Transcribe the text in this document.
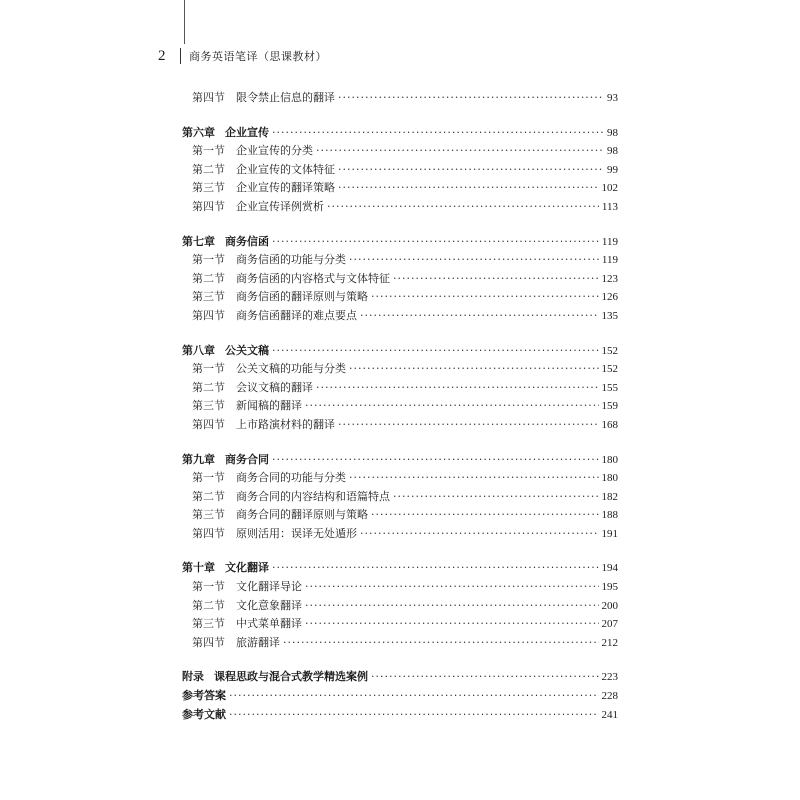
2	商务英语笔译（思课教材）
第四节 限令禁止信息的翻译 ·····	93
第六章 企业宣传 ·····	98
第一节 企业宣传的分类 ·····	98
第二节 企业宣传的文体特征 ·····	99
第三节 企业宣传的翻译策略 ·····	102
第四节 企业宣传译例赏析 ·····	113
第七章 商务信函 ·····	119
第一节 商务信函的功能与分类 ·····	119
第二节 商务信函的内容格式与文体特征 ·····	123
第三节 商务信函的翻译原则与策略 ·····	126
第四节 商务信函翻译的难点要点 ·····	135
第八章 公关文稿 ·····	152
第一节 公关文稿的功能与分类 ·····	152
第二节 会议文稿的翻译 ·····	155
第三节 新闻稿的翻译 ·····	159
第四节 上市路演材料的翻译 ·····	168
第九章 商务合同 ·····	180
第一节 商务合同的功能与分类 ·····	180
第二节 商务合同的内容结构和语篇特点 ·····	182
第三节 商务合同的翻译原则与策略 ·····	188
第四节 原则活用：误译无处遁形 ·····	191
第十章 文化翻译 ·····	194
第一节 文化翻译导论 ·····	195
第二节 文化意象翻译 ·····	200
第三节 中式菜单翻译 ·····	207
第四节 旅游翻译 ·····	212
附录 课程思政与混合式教学精选案例 ·····	223
参考答案 ·····	228
参考文献 ·····	241
